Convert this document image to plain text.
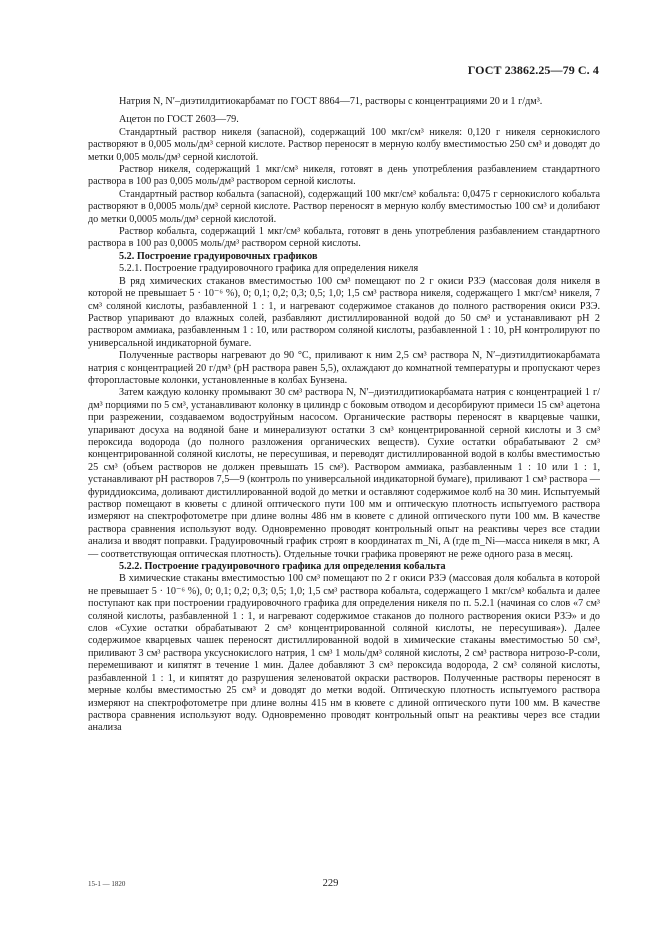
ГОСТ 23862.25—79 С. 4

Натрия N, N′–диэтилдитиокарбамат по ГОСТ 8864—71, растворы с концентрациями 20 и 1 г/дм³.

Ацетон по ГОСТ 2603—79.

Стандартный раствор никеля (запасной), содержащий 100 мкг/см³ никеля: 0,120 г никеля сернокислого растворяют в 0,005 моль/дм³ серной кислоте. Раствор переносят в мерную колбу вместимостью 250 см³ и доводят до метки 0,005 моль/дм³ серной кислотой.

Раствор никеля, содержащий 1 мкг/см³ никеля, готовят в день употребления разбавлением стандартного раствора в 100 раз 0,005 моль/дм³ раствором серной кислоты.

Стандартный раствор кобальта (запасной), содержащий 100 мкг/см³ кобальта: 0,0475 г сернокислого кобальта растворяют в 0,0005 моль/дм³ серной кислоте. Раствор переносят в мерную колбу вместимостью 100 см³ и долибают до метки 0,0005 моль/дм³ серной кислотой.

Раствор кобальта, содержащий 1 мкг/см³ кобальта, готовят в день употребления разбавлением стандартного раствора в 100 раз 0,0005 моль/дм³ раствором серной кислоты.

5.2. Построение градуировочных графиков

5.2.1. Построение градуировочного графика для определения никеля

В ряд химических стаканов вместимостью 100 см³ помещают по 2 г окиси РЗЭ (массовая доля никеля в которой не превышает 5 · 10⁻⁶ %), 0; 0,1; 0,2; 0,3; 0,5; 1,0; 1,5 см³ раствора никеля, содержащего 1 мкг/см³ никеля, 7 см³ соляной кислоты, разбавленной 1 : 1, и нагревают содержимое стаканов до полного растворения окиси РЗЭ. Раствор упаривают до влажных солей, разбавляют дистиллированной водой до 50 см³ и устанавливают pH 2 раствором аммиака, разбавленным 1 : 10, или раствором соляной кислоты, разбавленной 1 : 10, pH контролируют по универсальной индикаторной бумаге.

Полученные растворы нагревают до 90 °С, приливают к ним 2,5 см³ раствора N, N′–диэтилдитиокарбамата натрия с концентрацией 20 г/дм³ (pH раствора равен 5,5), охлаждают до комнатной температуры и пропускают через фторопластовые колонки, установленные в колбах Бунзена.

Затем каждую колонку промывают 30 см³ раствора N, N′–диэтилдитиокарбамата натрия с концентрацией 1 г/дм³ порциями по 5 см³, устанавливают колонку в цилиндр с боковым отводом и десорбируют примеси 15 см³ ацетона при разрежении, создаваемом водоструйным насосом. Органические растворы переносят в кварцевые чашки, упаривают досуха на водяной бане и минерализуют остатки 3 см³ концентрированной серной кислоты и 3 см³ пероксида водорода (до полного разложения органических веществ). Сухие остатки обрабатывают 2 см³ концентрированной соляной кислоты, не пересушивая, и переводят дистиллированной водой в колбы вместимостью 25 см³ (объем растворов не должен превышать 15 см³). Раствором аммиака, разбавленным 1 : 10 или 1 : 1, устанавливают pH растворов 7,5—9 (контроль по универсальной индикаторной бумаге), приливают 1 см³ раствора — фуриддиоксима, доливают дистиллированной водой до метки и оставляют содержимое колб на 30 мин. Испытуемый раствор помещают в кюветы с длиной оптического пути 100 мм и оптическую плотность испытуемого раствора измеряют на спектрофотометре при длине волны 486 нм в кювете с длиной оптического пути 100 мм. В качестве раствора сравнения используют воду. Одновременно проводят контрольный опыт на реактивы через все стадии анализа и вводят поправки. Градуировочный график строят в координатах m_Ni, A (где m_Ni—масса никеля в мкг, A — соответствующая оптическая плотность). Отдельные точки графика проверяют не реже одного раза в месяц.

5.2.2. Построение градуировочного графика для определения кобальта

В химические стаканы вместимостью 100 см³ помещают по 2 г окиси РЗЭ (массовая доля кобальта в которой не превышает 5 · 10⁻⁶ %), 0; 0,1; 0,2; 0,3; 0,5; 1,0; 1,5 см³ раствора кобальта, содержащего 1 мкг/см³ кобальта и далее поступают как при построении градуировочного графика для определения никеля по п. 5.2.1 (начиная со слов «7 см³ соляной кислоты, разбавленной 1 : 1, и нагревают содержимое стаканов до полного растворения окиси РЗЭ» и до слов «Сухие остатки обрабатывают 2 см³ концентрированной соляной кислоты, не пересушивая»). Далее содержимое кварцевых чашек переносят дистиллированной водой в химические стаканы вместимостью 50 см³, приливают 3 см³ раствора уксуснокислого натрия, 1 см³ 1 моль/дм³ соляной кислоты, 2 см³ раствора нитрозо-Р-соли, перемешивают и кипятят в течение 1 мин. Далее добавляют 3 см³ пероксида водорода, 2 см³ соляной кислоты, разбавленной 1 : 1, и кипятят до разрушения зеленоватой окраски растворов. Полученные растворы переносят в мерные колбы вместимостью 25 см³ и доводят до метки водой. Оптическую плотность испытуемого раствора измеряют на спектрофотометре при длине волны 415 нм в кювете с длиной оптического пути 100 мм. В качестве раствора сравнения используют воду. Одновременно проводят контрольный опыт на реактивы через все стадии анализа

15-1 — 1820	229
